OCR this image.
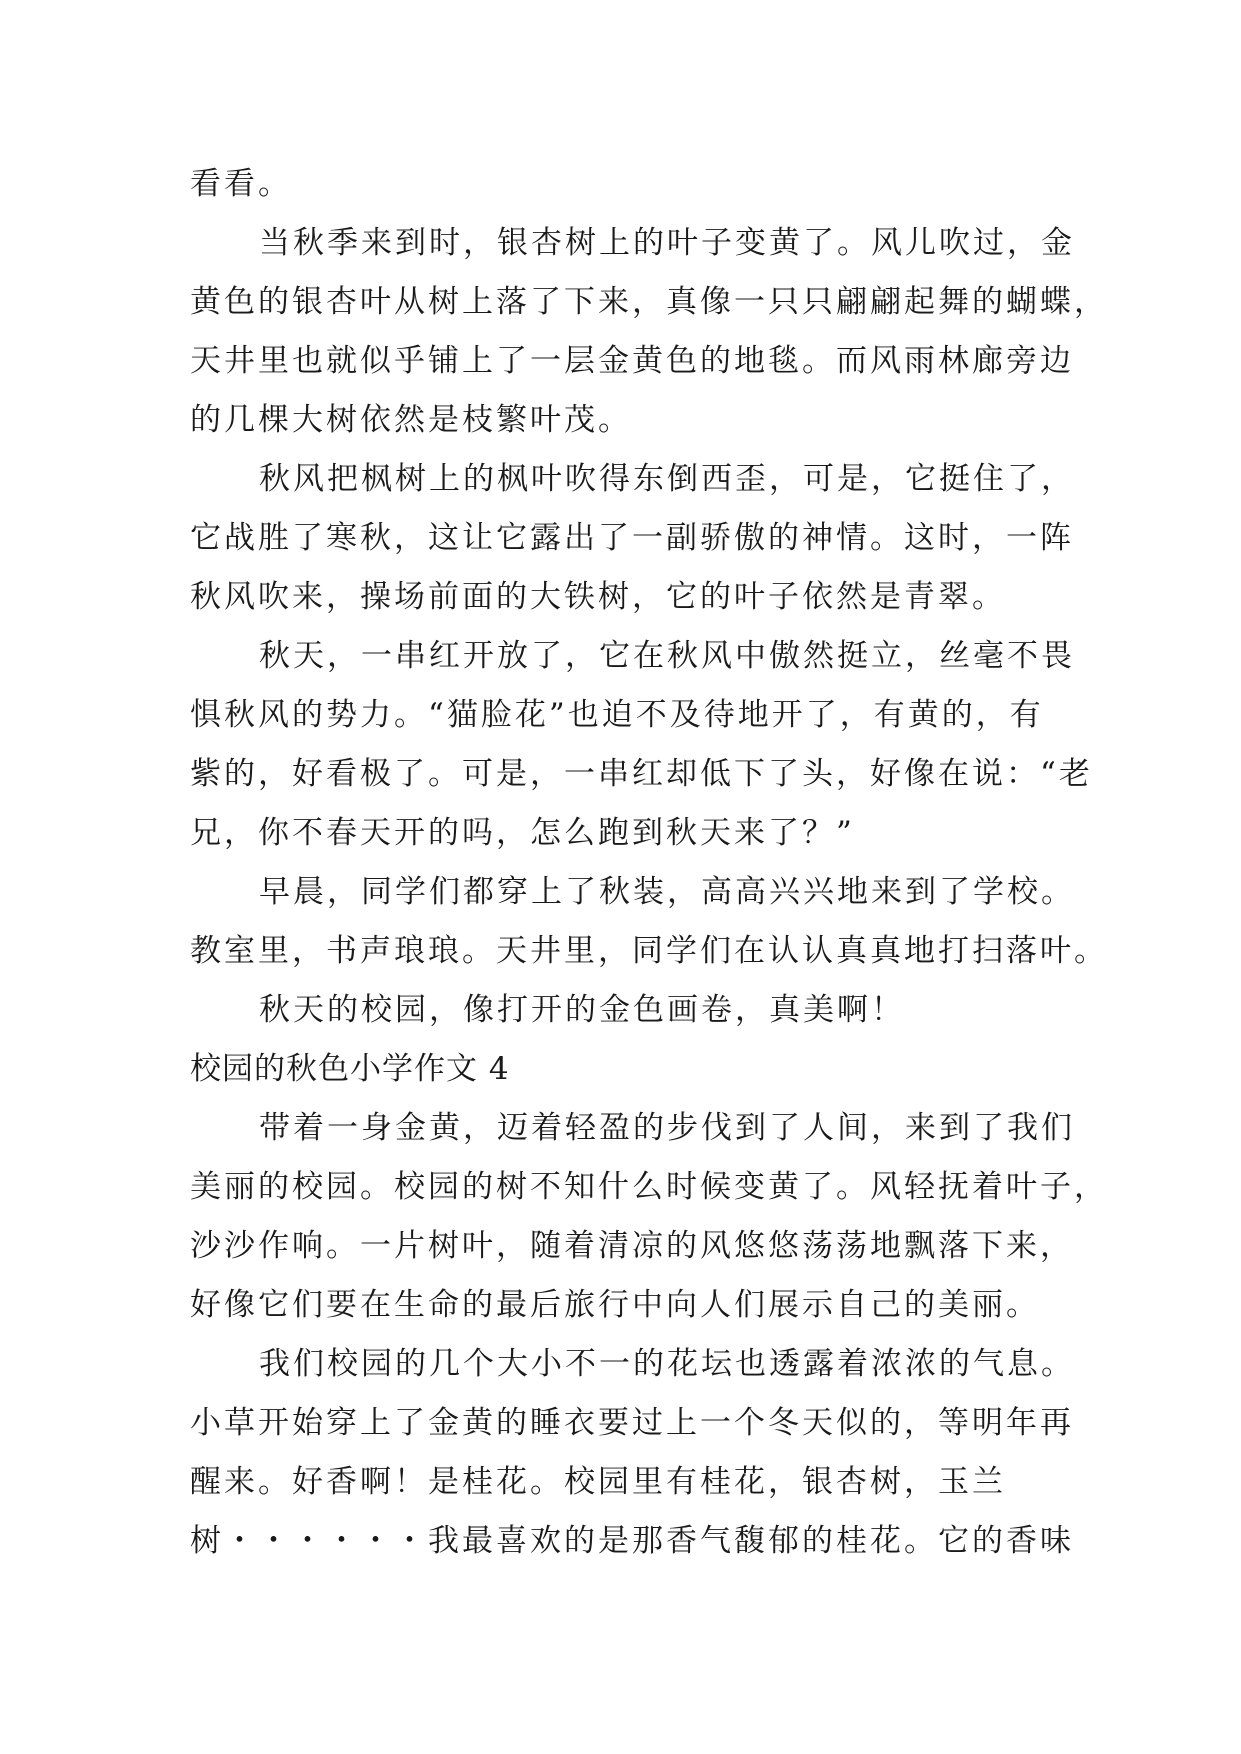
看看。
当秋季来到时，银杏树上的叶子变黄了。风儿吹过，金
黄色的银杏叶从树上落了下来，真像一只只翩翩起舞的蝴蝶，
天井里也就似乎铺上了一层金黄色的地毯。而风雨林廊旁边
的几棵大树依然是枝繁叶茂。
秋风把枫树上的枫叶吹得东倒西歪，可是，它挺住了，
它战胜了寒秋，这让它露出了一副骄傲的神情。这时，一阵
秋风吹来，操场前面的大铁树，它的叶子依然是青翠。
秋天，一串红开放了，它在秋风中傲然挺立，丝毫不畏
惧秋风的势力。“猫脸花”也迫不及待地开了，有黄的，有
紫的，好看极了。可是，一串红却低下了头，好像在说：“老
兄，你不春天开的吗，怎么跑到秋天来了？”
早晨，同学们都穿上了秋装，高高兴兴地来到了学校。
教室里，书声琅琅。天井里，同学们在认认真真地打扫落叶。
秋天的校园，像打开的金色画卷，真美啊！
校园的秋色小学作文 4
带着一身金黄，迈着轻盈的步伐到了人间，来到了我们
美丽的校园。校园的树不知什么时候变黄了。风轻抚着叶子，
沙沙作响。一片树叶，随着清凉的风悠悠荡荡地飘落下来，
好像它们要在生命的最后旅行中向人们展示自己的美丽。
我们校园的几个大小不一的花坛也透露着浓浓的气息。
小草开始穿上了金黄的睡衣要过上一个冬天似的，等明年再
醒来。好香啊！是桂花。校园里有桂花，银杏树，玉兰
树・・・・・・我最喜欢的是那香气馥郁的桂花。它的香味
